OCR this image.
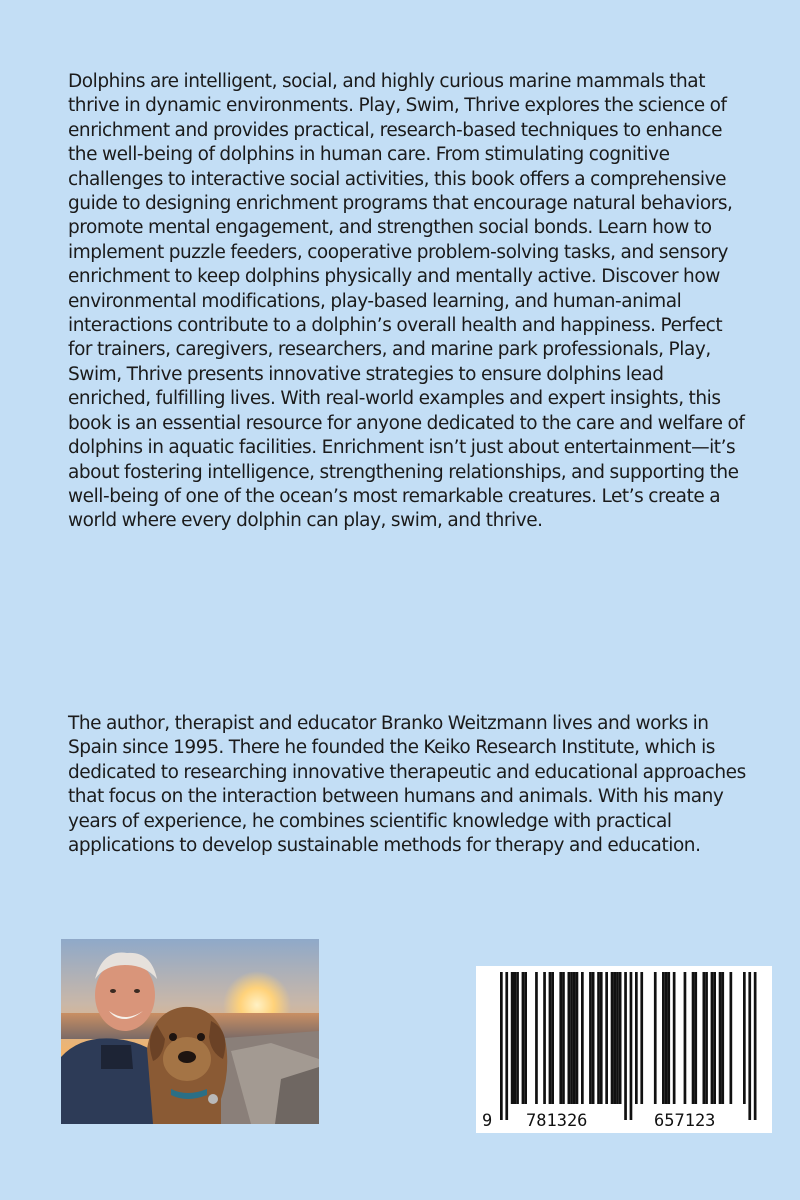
Dolphins are intelligent, social, and highly curious marine mammals that thrive in dynamic environments. Play, Swim, Thrive explores the science of enrichment and provides practical, research-based techniques to enhance the well-being of dolphins in human care. From stimulating cognitive challenges to interactive social activities, this book offers a comprehensive guide to designing enrichment programs that encourage natural behaviors, promote mental engagement, and strengthen social bonds. Learn how to implement puzzle feeders, cooperative problem-solving tasks, and sensory enrichment to keep dolphins physically and mentally active. Discover how environmental modifications, play-based learning, and human-animal interactions contribute to a dolphin’s overall health and happiness. Perfect for trainers, caregivers, researchers, and marine park professionals, Play, Swim, Thrive presents innovative strategies to ensure dolphins lead enriched, fulfilling lives. With real-world examples and expert insights, this book is an essential resource for anyone dedicated to the care and welfare of dolphins in aquatic facilities. Enrichment isn’t just about entertainment—it’s about fostering intelligence, strengthening relationships, and supporting the well-being of one of the ocean’s most remarkable creatures. Let’s create a world where every dolphin can play, swim, and thrive.

The author, therapist and educator Branko Weitzmann lives and works in Spain since 1995. There he founded the Keiko Research Institute, which is dedicated to researching innovative therapeutic and educational approaches that focus on the interaction between humans and animals. With his many years of experience, he combines scientific knowledge with practical applications to develop sustainable methods for therapy and education.

9 781326	657123
